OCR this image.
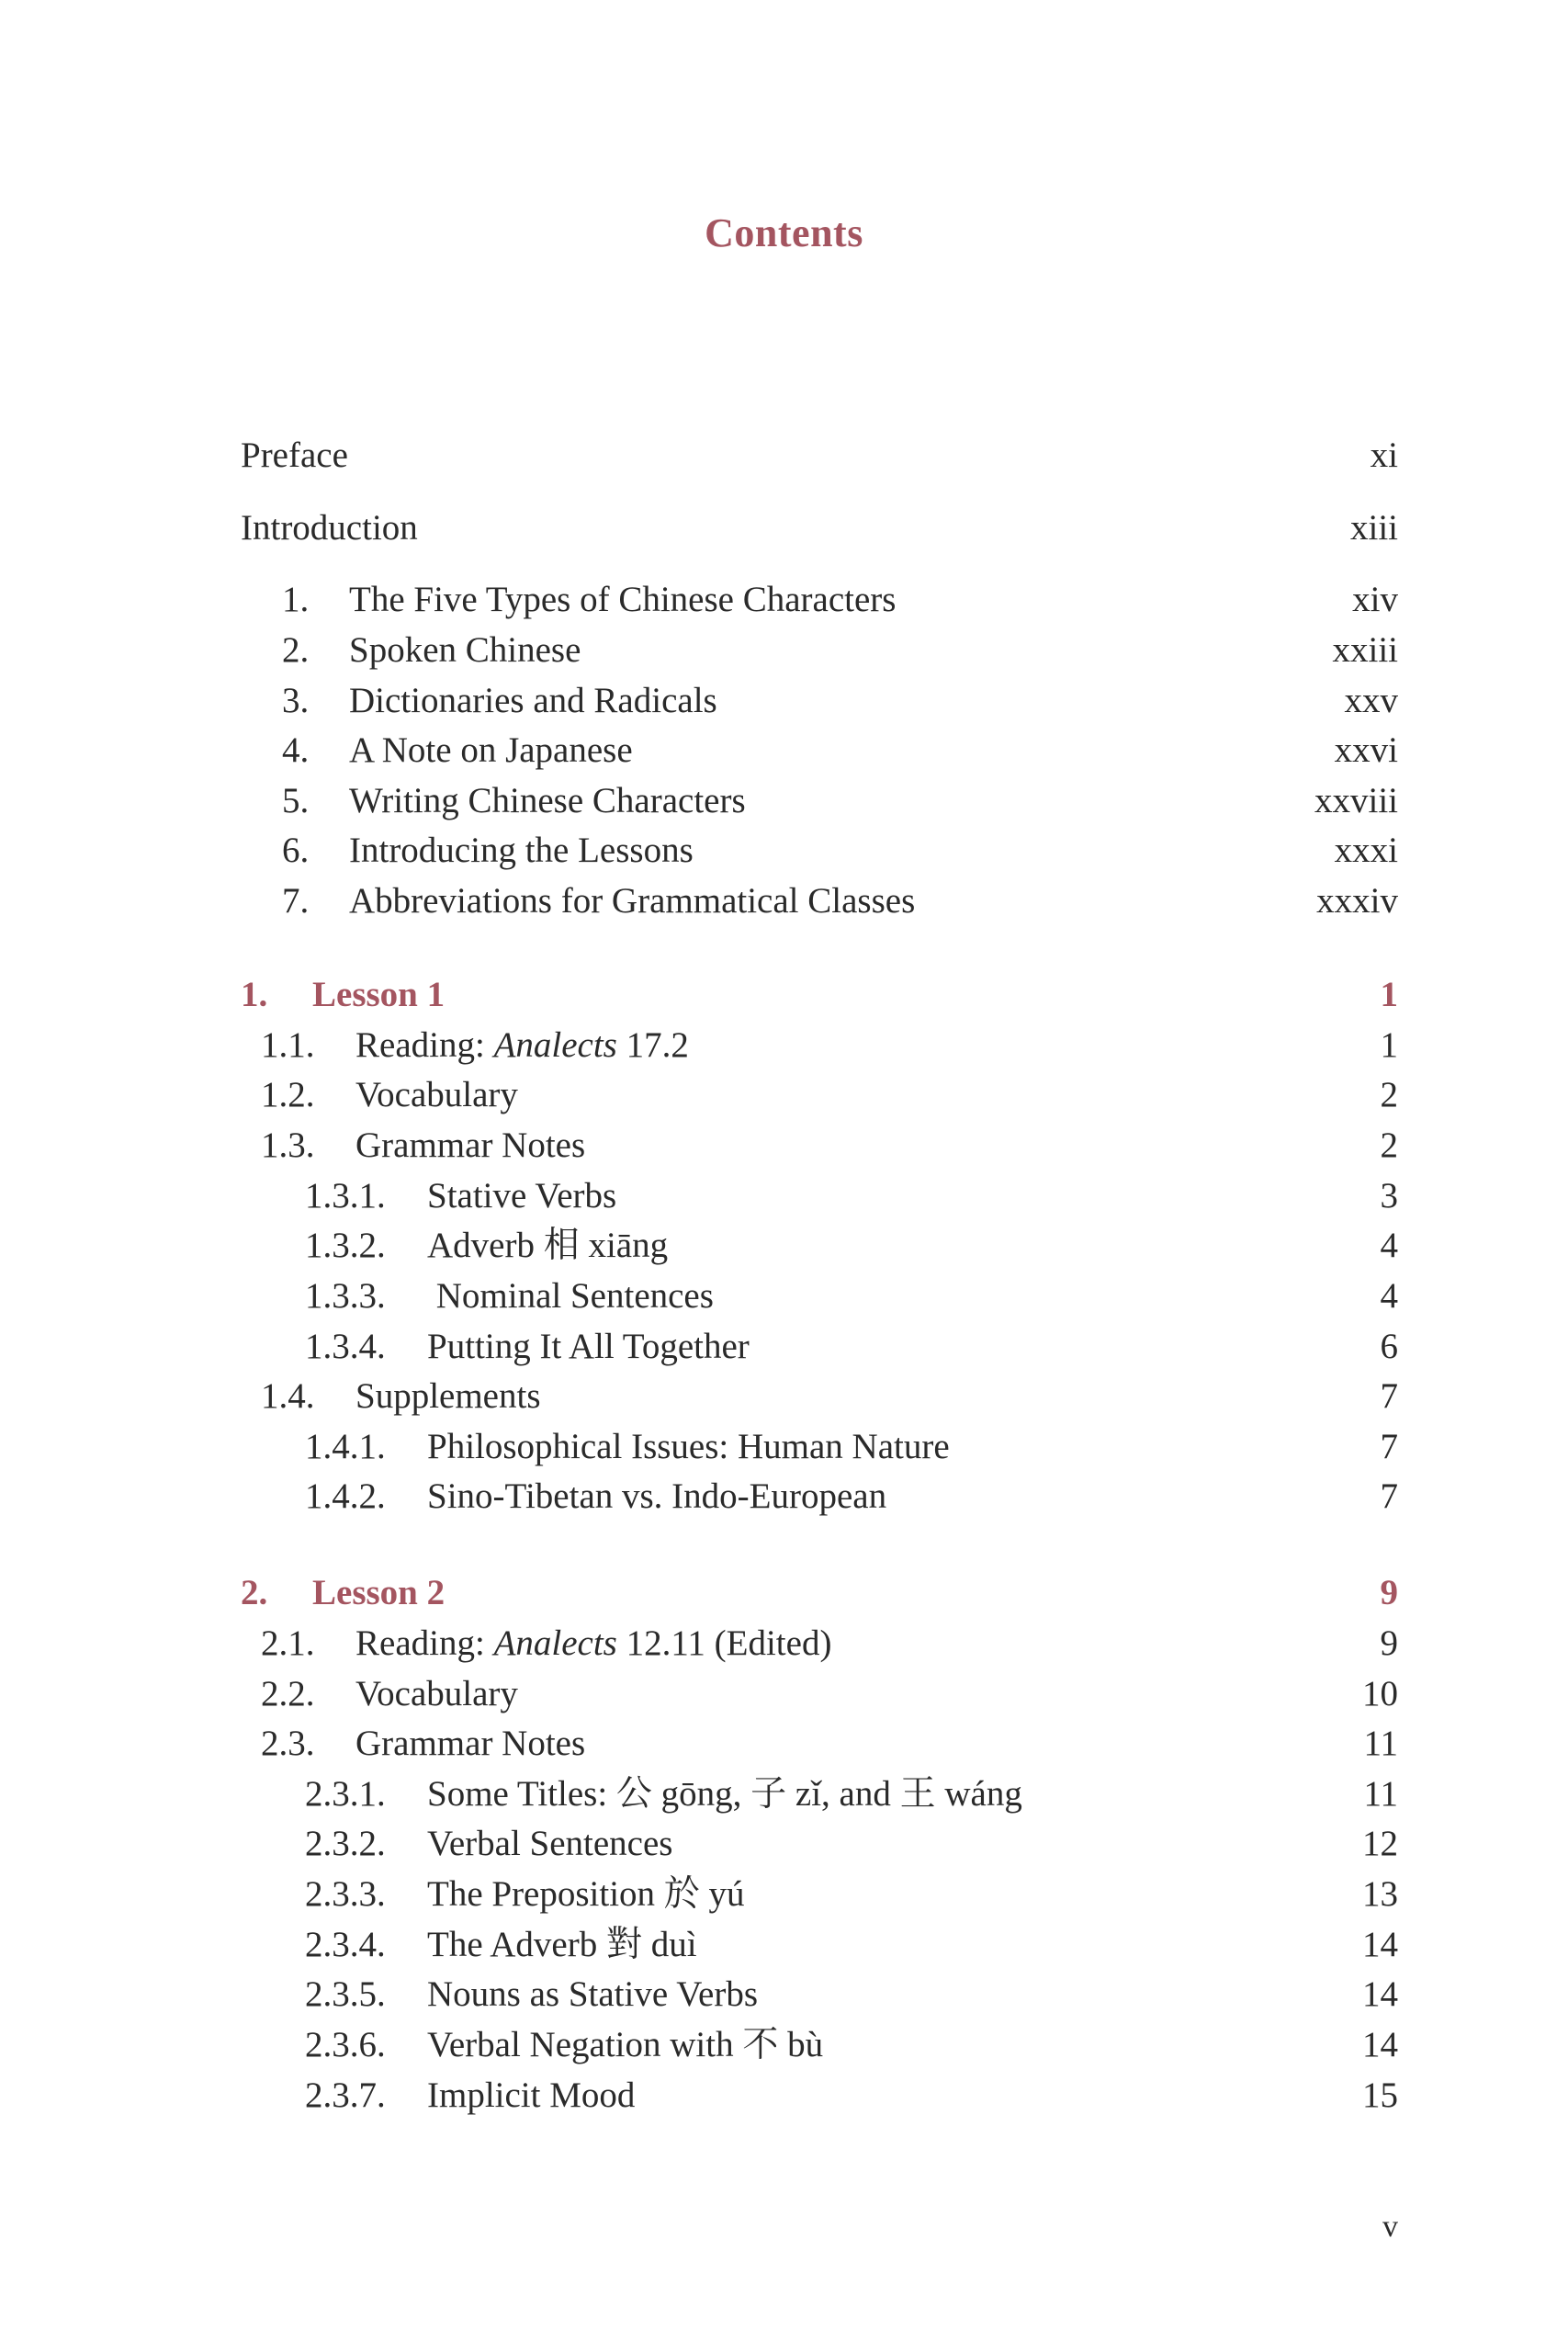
Contents
Preface	xi
Introduction	xiii
1. The Five Types of Chinese Characters	xiv
2. Spoken Chinese	xxiii
3. Dictionaries and Radicals	xxv
4. A Note on Japanese	xxvi
5. Writing Chinese Characters	xxviii
6. Introducing the Lessons	xxxi
7. Abbreviations for Grammatical Classes	xxxiv
1. Lesson 1	1
1.1. Reading: Analects 17.2	1
1.2. Vocabulary	2
1.3. Grammar Notes	2
1.3.1. Stative Verbs	3
1.3.2. Adverb 相 xiāng	4
1.3.3. Nominal Sentences	4
1.3.4. Putting It All Together	6
1.4. Supplements	7
1.4.1. Philosophical Issues: Human Nature	7
1.4.2. Sino-Tibetan vs. Indo-European	7
2. Lesson 2	9
2.1. Reading: Analects 12.11 (Edited)	9
2.2. Vocabulary	10
2.3. Grammar Notes	11
2.3.1. Some Titles: 公 gōng, 子 zǐ, and 王 wáng	11
2.3.2. Verbal Sentences	12
2.3.3. The Preposition 於 yú	13
2.3.4. The Adverb 對 duì	14
2.3.5. Nouns as Stative Verbs	14
2.3.6. Verbal Negation with 不 bù	14
2.3.7. Implicit Mood	15
v
